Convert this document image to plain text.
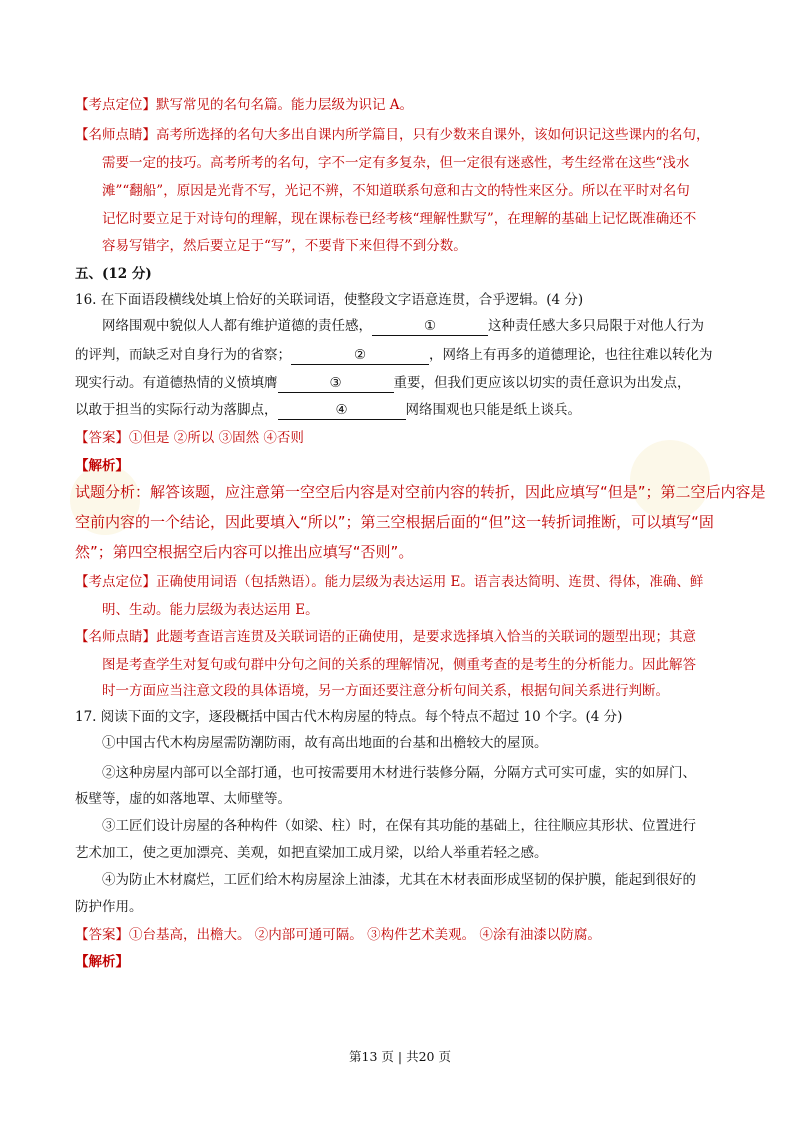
【考点定位】默写常见的名句名篇。能力层级为识记 A。
【名师点睛】高考所选择的名句大多出自课内所学篇目，只有少数来自课外，该如何识记这些课内的名句，
需要一定的技巧。高考所考的名句，字不一定有多复杂，但一定很有迷惑性，考生经常在这些“浅水
滩”“翻船”，原因是光背不写，光记不辨，不知道联系句意和古文的特性来区分。所以在平时对名句
记忆时要立足于对诗句的理解，现在课标卷已经考核“理解性默写”，在理解的基础上记忆既准确还不
容易写错字，然后要立足于“写”，不要背下来但得不到分数。
五、(12 分)
16. 在下面语段横线处填上恰好的关联词语，使整段文字语意连贯，合乎逻辑。(4 分)
网络围观中貌似人人都有维护道德的责任感，	①	这种责任感大多只局限于对他人行为
的评判，而缺乏对自身行为的省察；	②	，网络上有再多的道德理论，也往往难以转化为
现实行动。有道德热情的义愤填膺	③	重要，但我们更应该以切实的责任意识为出发点，
以敢于担当的实际行动为落脚点，	④	网络围观也只能是纸上谈兵。
【答案】①但是 ②所以 ③固然 ④否则
【解析】
试题分析：解答该题，应注意第一空空后内容是对空前内容的转折，因此应填写“但是”；第二空后内容是
空前内容的一个结论，因此要填入“所以”；第三空根据后面的“但”这一转折词推断，可以填写“固
然”；第四空根据空后内容可以推出应填写“否则”。
【考点定位】正确使用词语（包括熟语）。能力层级为表达运用 E。语言表达简明、连贯、得体，准确、鲜
明、生动。能力层级为表达运用 E。
【名师点睛】此题考查语言连贯及关联词语的正确使用，是要求选择填入恰当的关联词的题型出现；其意
图是考查学生对复句或句群中分句之间的关系的理解情况，侧重考查的是考生的分析能力。因此解答
时一方面应当注意文段的具体语境，另一方面还要注意分析句间关系，根据句间关系进行判断。
17. 阅读下面的文字，逐段概括中国古代木构房屋的特点。每个特点不超过 10 个字。(4 分)
①中国古代木构房屋需防潮防雨，故有高出地面的台基和出檐较大的屋顶。
②这种房屋内部可以全部打通，也可按需要用木材进行装修分隔，分隔方式可实可虚，实的如屏门、
板壁等，虚的如落地罩、太师壁等。
③工匠们设计房屋的各种构件（如梁、柱）时，在保有其功能的基础上，往往顺应其形状、位置进行
艺术加工，使之更加漂亮、美观，如把直梁加工成月梁，以给人举重若轻之感。
④为防止木材腐烂，工匠们给木构房屋涂上油漆，尤其在木材表面形成坚韧的保护膜，能起到很好的
防护作用。
【答案】①台基高，出檐大。 ②内部可通可隔。 ③构件艺术美观。 ④涂有油漆以防腐。
【解析】
第13 页 | 共20 页
